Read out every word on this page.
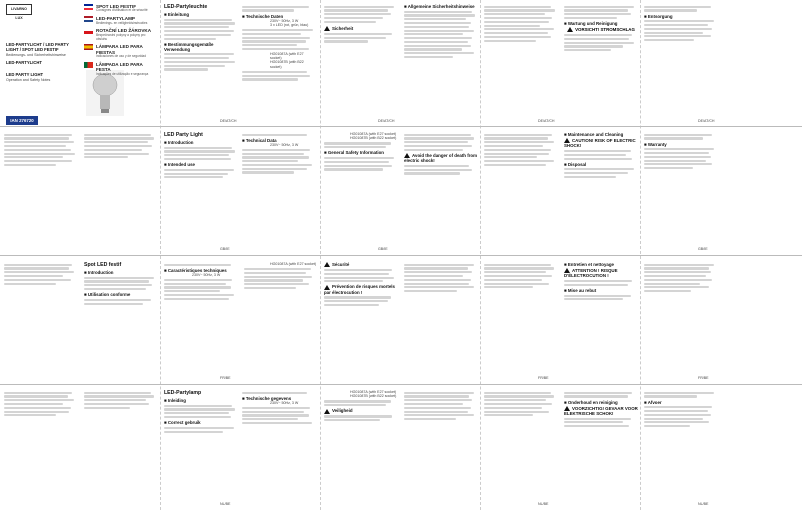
LIVARNO LUX
LED-PARTYLICHT / LED PARTY LIGHT / SPOT LED FESTIF
Bedienungs- und Sicherheitshinweise
LED-PARTYLICHT
LED PARTY LIGHT
Operation and Safety Notes
IAN 276720
SPOT LED FESTIF
Consignes d'utilisation et de sécurité
LED-PARTYLAMP
Bedienings- en veiligheidsinstructies
ROTAČNÍ LED ŽÁROVKA
Bezpečnostní pokyny a pokyny pro obsluhu
LÁMPARA LED PARA FIESTAS
Indicaciones de uso y de seguridad
LÂMPADA LED PARA FESTA
Indicações de utilização e segurança
LED-Partyleuchte
■ Einleitung
■ Bestimmungsgemäße Verwendung
■ Technische Daten
230V~ 50Hz, 3 W
3 x LED (rot, grün, blau)
HG01087A (with E27 socket)
HG01087B (with B22 socket)
Sicherheit
■ Allgemeine Sicherheitshinweise
■ Wartung und Reinigung
VORSICHT! STROMSCHLAG
■ Entsorgung
LED Party Light
■ Introduction
■ Intended use
■ Technical Data
230V~ 50Hz, 3 W
HG01087A (with E27 socket)
HG01087B (with B22 socket)
■ General Safety Information
Avoid the danger of death from electric shock!
■ Maintenance and Cleaning
CAUTION! RISK OF ELECTRIC SHOCK!
■ Disposal
■ Warranty
Spot LED festif
■ Introduction
■ Utilisation conforme
■ Caractéristiques techniques
230V~ 50Hz, 3 W
HG01087A (with E27 socket)	Sécurité
Prévention de risques mortels par électrocution !
■ Entretien et nettoyage
ATTENTION ! RISQUE D'ÉLECTROCUTION !
■ Mise au rebut
LED-Partylamp
■ Inleiding
■ Correct gebruik
■ Technische gegevens
230V~ 50Hz, 3 W
HG01087A (with E27 socket)
HG01087B (with B22 socket)
Veiligheid
■ Onderhoud en reiniging
VOORZICHTIG! GEVAAR VOOR ELEKTRISCHE SCHOK!
■ Afvoer
DE/AT/CH	DE/AT/CH	DE/AT/CH	DE/AT/CH
GB/IE	GB/IE	GB/IE
FR/BE	FR/BE	FR/BE
NL/BE	NL/BE	NL/BE
